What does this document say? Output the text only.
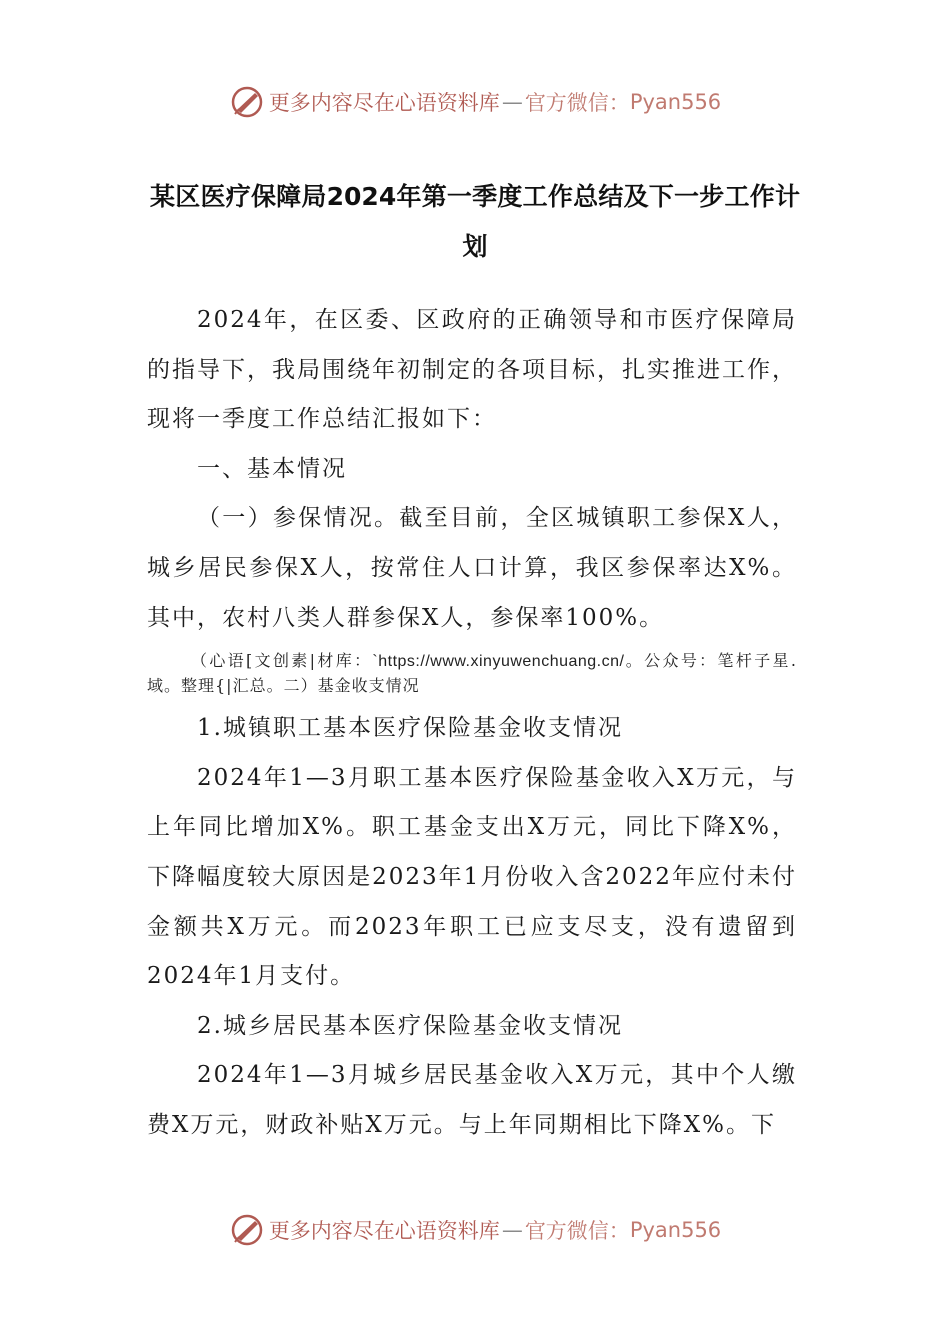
更多内容尽在心语资料库 — 官方微信： Pyan556
某区医疗保障局2024年第一季度工作总结及下一步工作计
划

2024年，在区委、区政府的正确领导和市医疗保障局的指导下，我局围绕年初制定的各项目标，扎实推进工作，现将一季度工作总结汇报如下：

一、基本情况

（一）参保情况。截至目前，全区城镇职工参保X人，城乡居民参保X人，按常住人口计算，我区参保率达X%。其中，农村八类人群参保X人，参保率100%。

（心语[文创素|材库：`https://www.xinyuwenchuang.cn/。公众号：笔杆子星.域。整理{|汇总。二）基金收支情况

1.城镇职工基本医疗保险基金收支情况

2024年1—3月职工基本医疗保险基金收入X万元，与上年同比增加X%。职工基金支出X万元，同比下降X%，下降幅度较大原因是2023年1月份收入含2022年应付未付金额共X万元。而2023年职工已应支尽支，没有遗留到2024年1月支付。

2.城乡居民基本医疗保险基金收支情况

2024年1—3月城乡居民基金收入X万元，其中个人缴费X万元，财政补贴X万元。与上年同期相比下降X%。下

更多内容尽在心语资料库 — 官方微信： Pyan556
